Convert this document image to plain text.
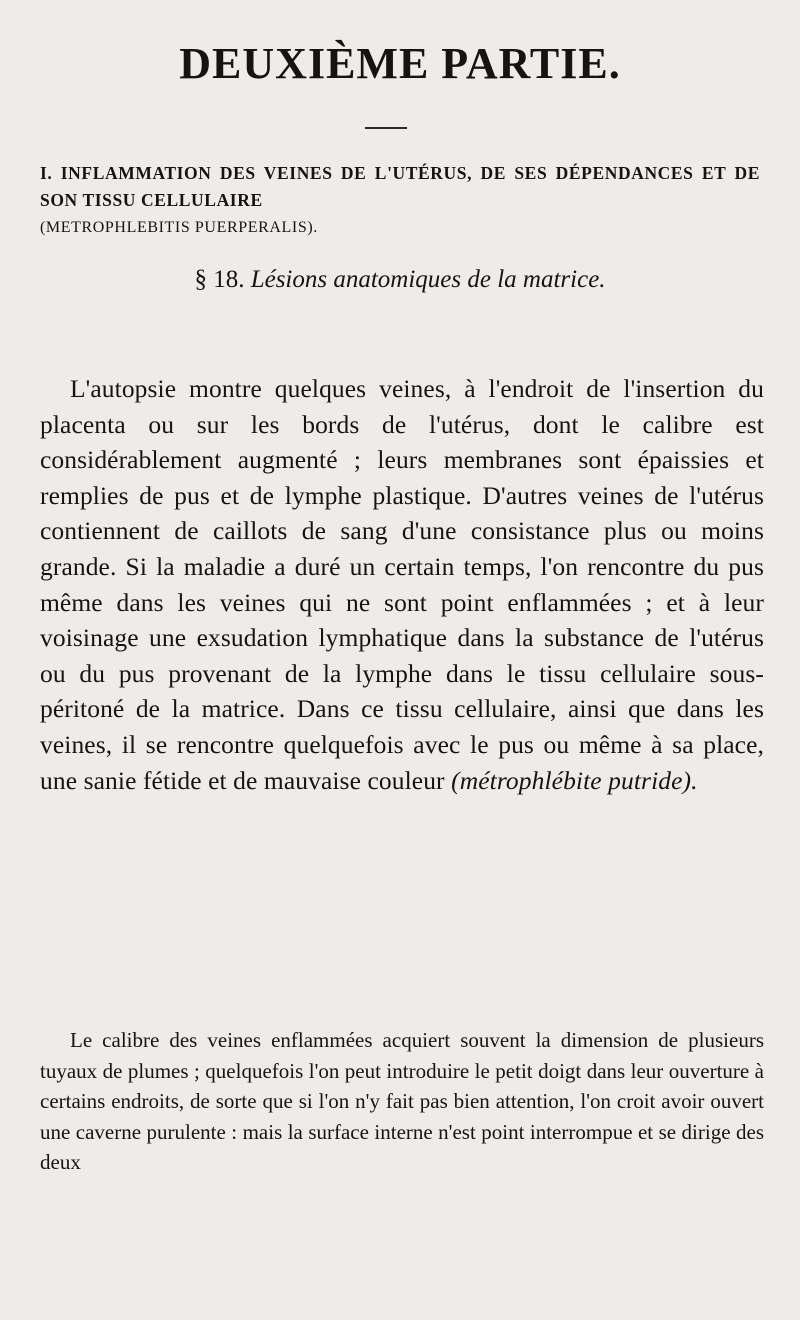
DEUXIÈME PARTIE.
I. INFLAMMATION DES VEINES DE L'UTÉRUS, DE SES DÉPENDANCES ET DE SON TISSU CELLULAIRE
(METROPHLEBITIS PUERPERALIS).
§ 18. Lésions anatomiques de la matrice.

L'autopsie montre quelques veines, à l'endroit de l'insertion du placenta ou sur les bords de l'utérus, dont le calibre est considérablement augmenté ; leurs membranes sont épaissies et remplies de pus et de lymphe plastique. D'autres veines de l'utérus contiennent de caillots de sang d'une consistance plus ou moins grande. Si la maladie a duré un certain temps, l'on rencontre du pus même dans les veines qui ne sont point enflammées ; et à leur voisinage une exsudation lymphatique dans la substance de l'utérus ou du pus provenant de la lymphe dans le tissu cellulaire sous-péritoné de la matrice. Dans ce tissu cellulaire, ainsi que dans les veines, il se rencontre quelquefois avec le pus ou même à sa place, une sanie fétide et de mauvaise couleur (métrophlébite putride).

Le calibre des veines enflammées acquiert souvent la dimension de plusieurs tuyaux de plumes ; quelquefois l'on peut introduire le petit doigt dans leur ouverture à certains endroits, de sorte que si l'on n'y fait pas bien attention, l'on croit avoir ouvert une caverne purulente : mais la surface interne n'est point interrompue et se dirige des deux
